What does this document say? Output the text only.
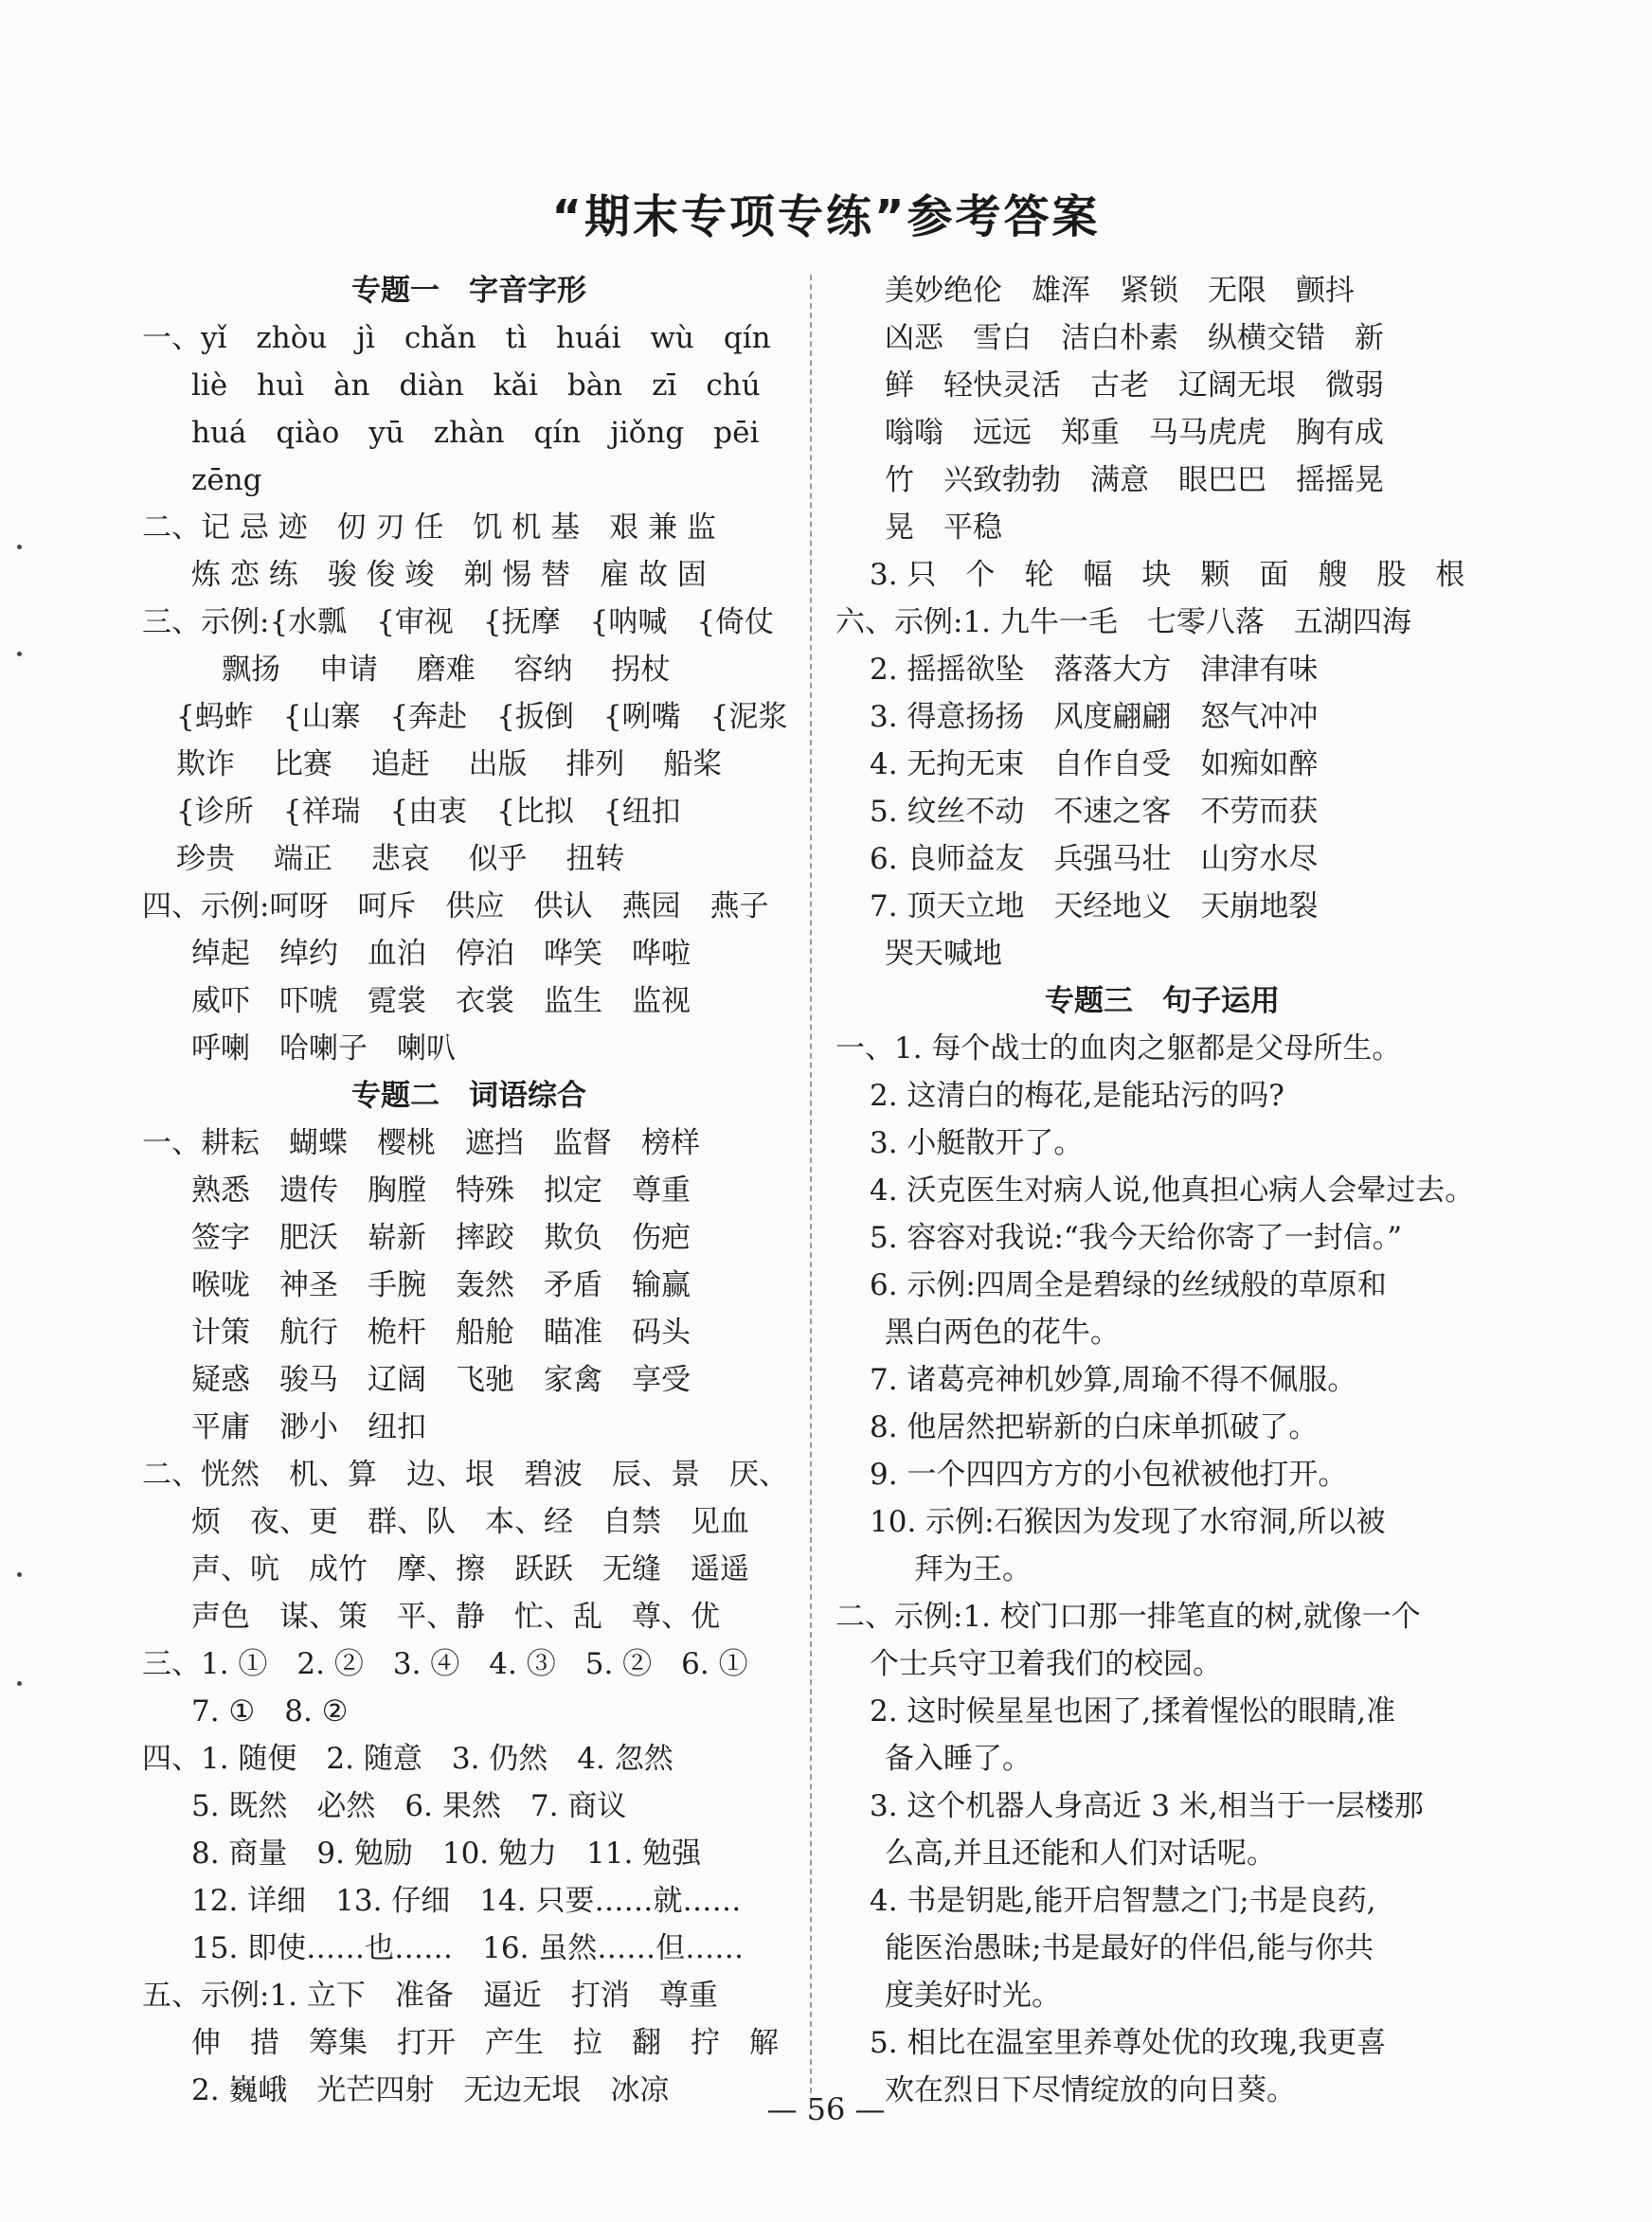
“期末专项专练”参考答案
专题一　字音字形
一、yǐ　zhòu　jì　chǎn　tì　huái　wù　qín
liè　huì　àn　diàn　kǎi　bàn　zī　chú
huá　qiào　yū　zhàn　qín　jiǒng　pēi
zēng
二、记 忌 迹　仞 刃 任　饥 机 基　艰 兼 监
炼 恋 练　骏 俊 竣　剃 惕 替　雇 故 固
三、示例:{水瓢　{审视　{抚摩　{呐喊　{倚仗
飘扬　 申请　 磨难　 容纳　 拐杖
{蚂蚱　{山寨　{奔赴　{扳倒　{咧嘴　{泥浆
欺诈　 比赛　 追赶　 出版　 排列　 船桨
{诊所　{祥瑞　{由衷　{比拟　{纽扣
珍贵　 端正　 悲哀　 似乎　 扭转
四、示例:呵呀　呵斥　供应　供认　燕园　燕子
绰起　绰约　血泊　停泊　哗笑　哗啦
威吓　吓唬　霓裳　衣裳　监生　监视
呼喇　哈喇子　喇叭
专题二　词语综合
一、耕耘　蝴蝶　樱桃　遮挡　监督　榜样
熟悉　遗传　胸膛　特殊　拟定　尊重
签字　肥沃　崭新　摔跤　欺负　伤疤
喉咙　神圣　手腕　轰然　矛盾　输赢
计策　航行　桅杆　船舱　瞄准　码头
疑惑　骏马　辽阔　飞驰　家禽　享受
平庸　渺小　纽扣
二、恍然　机、算　边、垠　碧波　辰、景　厌、
烦　夜、更　群、队　本、经　自禁　见血
声、吭　成竹　摩、擦　跃跃　无缝　遥遥
声色　谋、策　平、静　忙、乱　尊、优
三、1. ①　2. ②　3. ④　4. ③　5. ②　6. ①
7. ①　8. ②
四、1. 随便　2. 随意　3. 仍然　4. 忽然
5. 既然　必然　6. 果然　7. 商议
8. 商量　9. 勉励　10. 勉力　11. 勉强
12. 详细　13. 仔细　14. 只要……就……
15. 即使……也……　16. 虽然……但……
五、示例:1. 立下　准备　逼近　打消　尊重
伸　措　筹集　打开　产生　拉　翻　拧　解
2. 巍峨　光芒四射　无边无垠　冰凉
美妙绝伦　雄浑　紧锁　无限　颤抖
凶恶　雪白　洁白朴素　纵横交错　新
鲜　轻快灵活　古老　辽阔无垠　微弱
嗡嗡　远远　郑重　马马虎虎　胸有成
竹　兴致勃勃　满意　眼巴巴　摇摇晃
晃　平稳
3. 只　个　轮　幅　块　颗　面　艘　股　根
六、示例:1. 九牛一毛　七零八落　五湖四海
2. 摇摇欲坠　落落大方　津津有味
3. 得意扬扬　风度翩翩　怒气冲冲
4. 无拘无束　自作自受　如痴如醉
5. 纹丝不动　不速之客　不劳而获
6. 良师益友　兵强马壮　山穷水尽
7. 顶天立地　天经地义　天崩地裂
哭天喊地
专题三　句子运用
一、1. 每个战士的血肉之躯都是父母所生。
2. 这清白的梅花,是能玷污的吗?
3. 小艇散开了。
4. 沃克医生对病人说,他真担心病人会晕过去。
5. 容容对我说:“我今天给你寄了一封信。”
6. 示例:四周全是碧绿的丝绒般的草原和
黑白两色的花牛。
7. 诸葛亮神机妙算,周瑜不得不佩服。
8. 他居然把崭新的白床单抓破了。
9. 一个四四方方的小包袱被他打开。
10. 示例:石猴因为发现了水帘洞,所以被
　拜为王。
二、示例:1. 校门口那一排笔直的树,就像一个
个士兵守卫着我们的校园。
2. 这时候星星也困了,揉着惺忪的眼睛,准
备入睡了。
3. 这个机器人身高近 3 米,相当于一层楼那
么高,并且还能和人们对话呢。
4. 书是钥匙,能开启智慧之门;书是良药,
能医治愚昧;书是最好的伴侣,能与你共
度美好时光。
5. 相比在温室里养尊处优的玫瑰,我更喜
欢在烈日下尽情绽放的向日葵。
— 56 —
